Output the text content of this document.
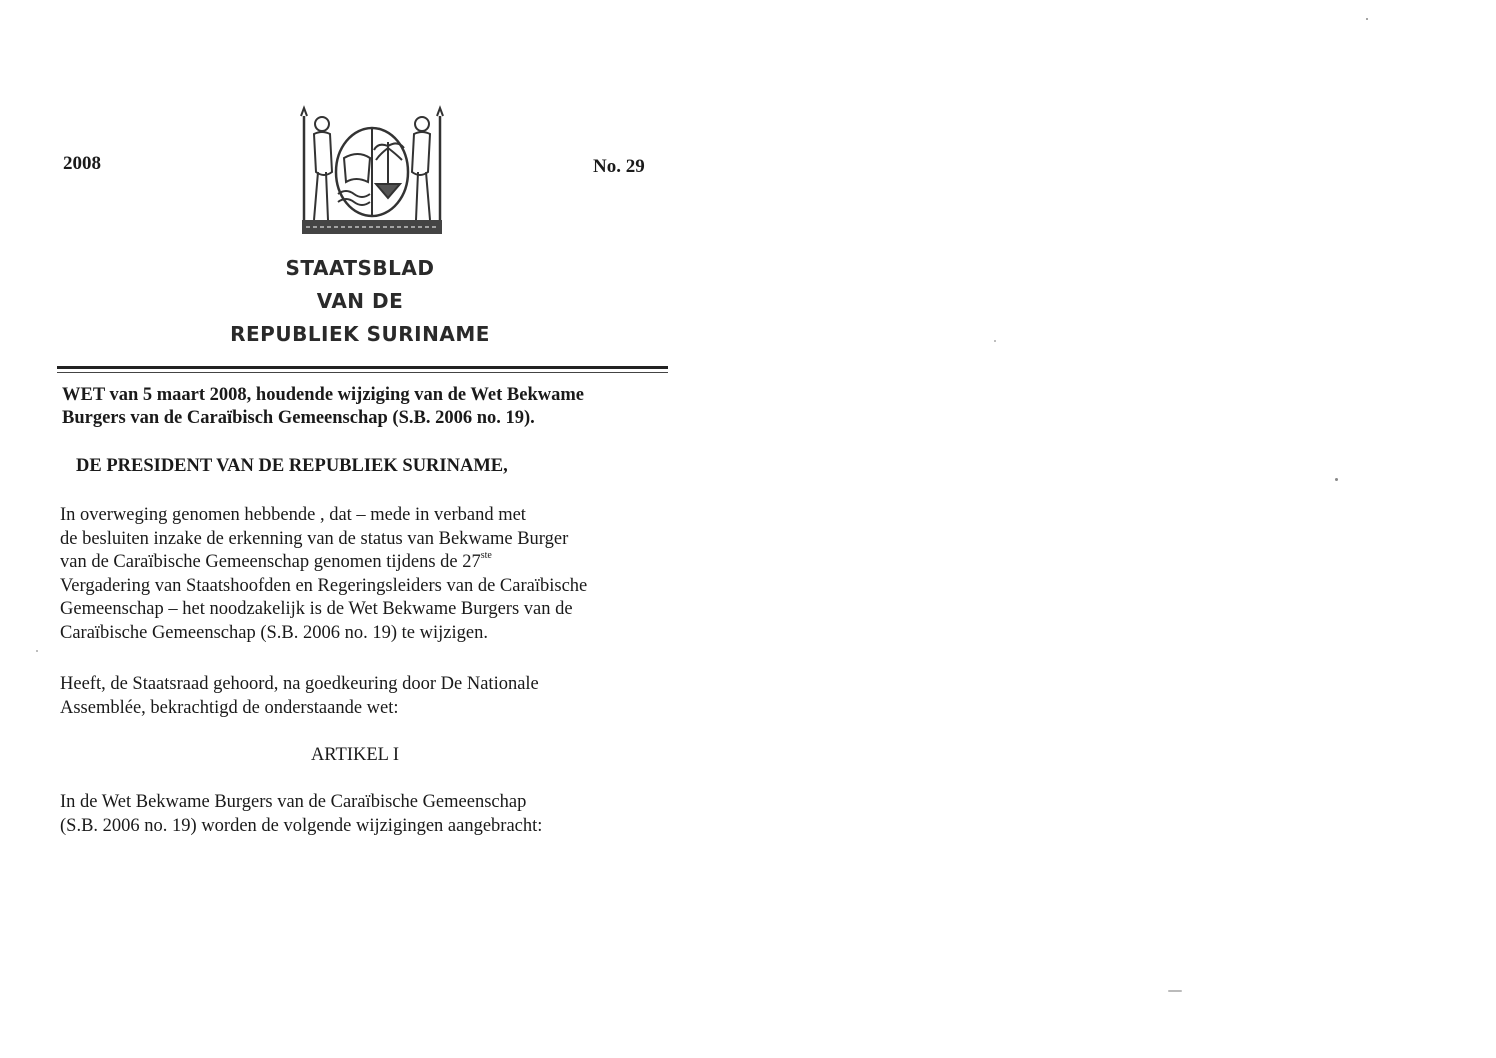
2008	No. 29
STAATSBLAD
VAN DE
REPUBLIEK SURINAME
WET van 5 maart 2008, houdende wijziging van de Wet Bekwame
Burgers van de Caraïbisch Gemeenschap (S.B. 2006 no. 19).
DE PRESIDENT VAN DE REPUBLIEK SURINAME,
In overweging genomen hebbende , dat – mede in verband met
de besluiten inzake de erkenning van de status van Bekwame Burger
van de Caraïbische Gemeenschap genomen tijdens de 27ste
Vergadering van Staatshoofden en Regeringsleiders van de Caraïbische
Gemeenschap – het noodzakelijk is de Wet Bekwame Burgers van de
Caraïbische Gemeenschap (S.B. 2006 no. 19) te wijzigen.
Heeft, de Staatsraad gehoord, na goedkeuring door De Nationale
Assemblée, bekrachtigd de onderstaande wet:
ARTIKEL I
In de Wet Bekwame Burgers van de Caraïbische Gemeenschap
(S.B. 2006 no. 19) worden de volgende wijzigingen aangebracht:
